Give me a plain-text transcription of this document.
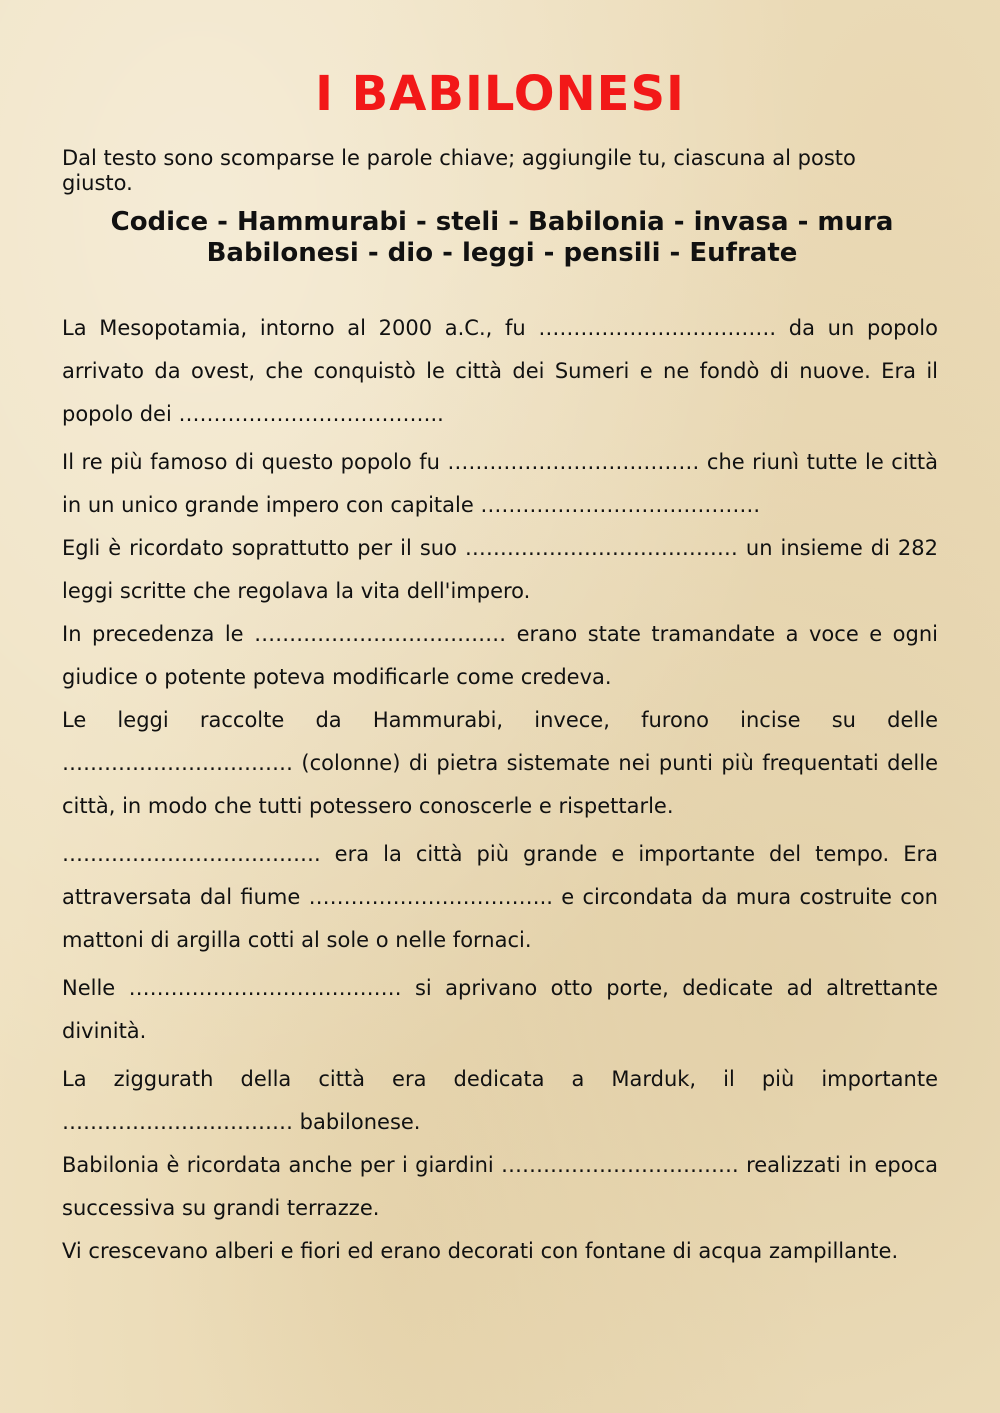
I BABILONESI

Dal testo sono scomparse le parole chiave; aggiungile tu, ciascuna al posto giusto.

Codice - Hammurabi - steli - Babilonia - invasa - mura
Babilonesi - dio - leggi - pensili - Eufrate

La Mesopotamia, intorno al 2000 a.C., fu ……………………………. da un popolo arrivato da ovest, che conquistò le città dei Sumeri e ne fondò di nuove. Era il popolo dei ………………………………..

Il re più famoso di questo popolo fu ……………………………… che riunì tutte le città in un unico grande impero con capitale ………………………………….

Egli è ricordato soprattutto per il suo ………………………………… un insieme di 282 leggi scritte che regolava la vita dell'impero.

In precedenza le ……………………………… erano state tramandate a voce e ogni giudice o potente poteva modificarle come credeva.

Le leggi raccolte da Hammurabi, invece, furono incise su delle …………………………… (colonne) di pietra sistemate nei punti più frequentati delle città, in modo che tutti potessero conoscerle e rispettarle.

………………………………. era la città più grande e importante del tempo. Era attraversata dal fiume …………………………….. e circondata da mura costruite con mattoni di argilla cotti al sole o nelle fornaci.

Nelle ………………………………… si aprivano otto porte, dedicate ad altrettante divinità.

La ziggurath della città era dedicata a Marduk, il più importante …………………………… babilonese.

Babilonia è ricordata anche per i giardini ……………………………. realizzati in epoca successiva su grandi terrazze.

Vi crescevano alberi e fiori ed erano decorati con fontane di acqua zampillante.
